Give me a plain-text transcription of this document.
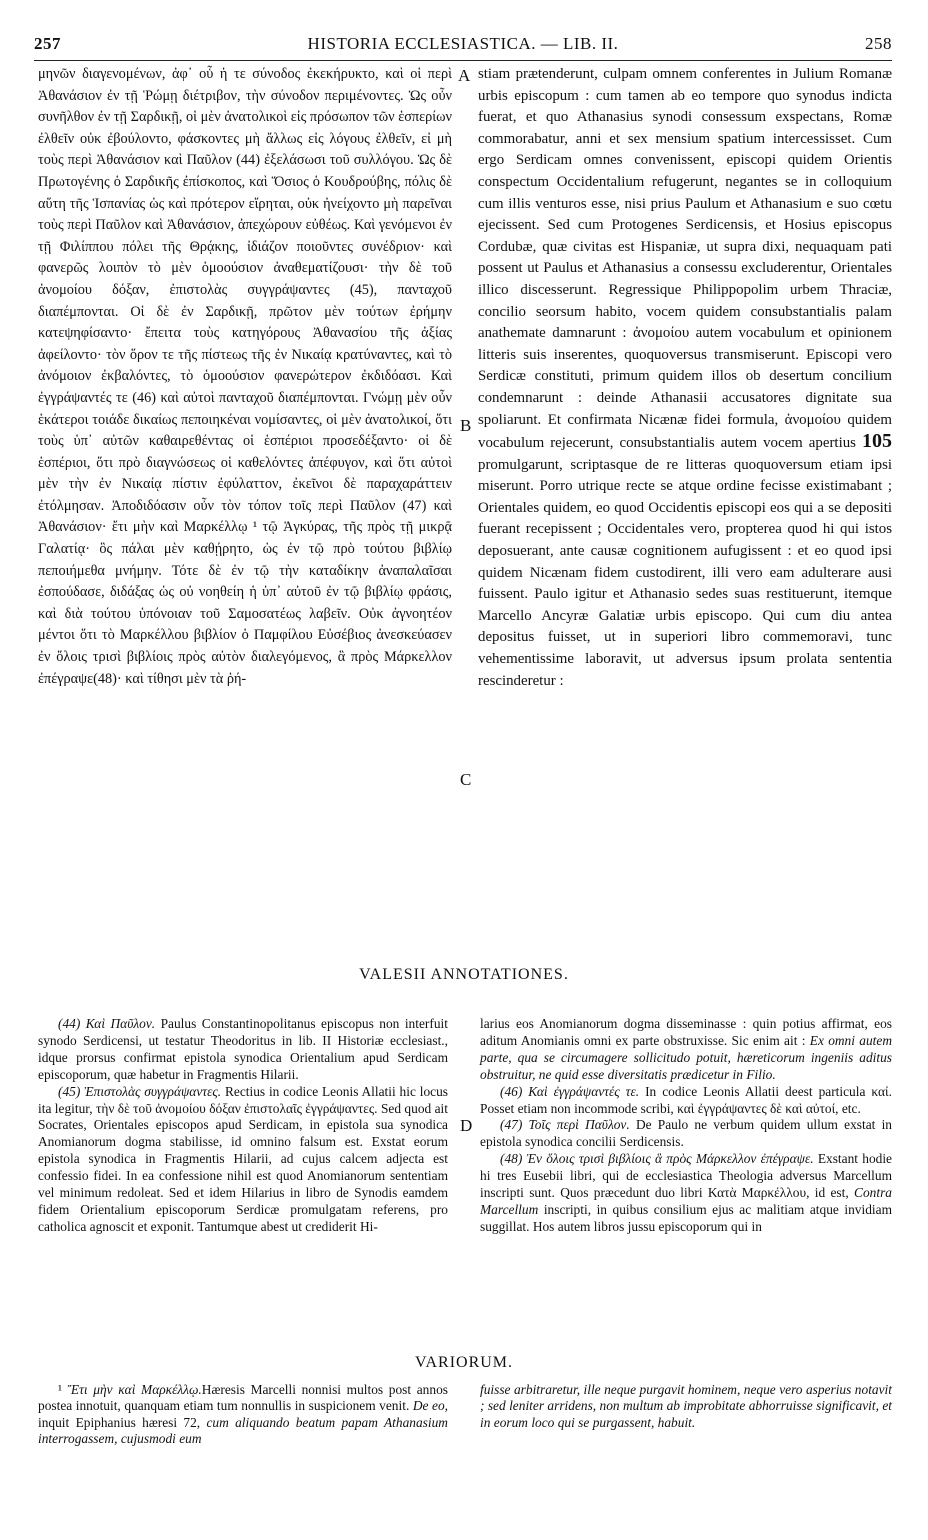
257	HISTORIA ECCLESIASTICA. — LIB. II.	258

μηνῶν διαγενομένων, ἀφ᾽ οὗ ἡ τε σύνοδος ἐκεκήρυκτο, καὶ οἱ περὶ Ἀθανάσιον ἐν τῇ Ῥώμῃ διέτριβον, τὴν σύνοδον περιμένοντες. Ὡς οὖν συνῆλθον ἐν τῇ Σαρδικῇ, οἱ μὲν ἀνατολικοὶ εἰς πρόσωπον τῶν ἑσπερίων ἐλθεῖν οὐκ ἐβούλοντο, φάσκοντες μὴ ἄλλως εἰς λόγους ἐλθεῖν, εἰ μὴ τοὺς περὶ Ἀθανάσιον καὶ Παῦλον (44) ἐξελάσωσι τοῦ συλλόγου. Ὡς δὲ Πρωτογένης ὁ Σαρδικῆς ἐπίσκοπος, καὶ Ὅσιος ὁ Κουδρούβης, πόλις δὲ αὕτη τῆς Ἱσπανίας ὡς καὶ πρότερον εἴρηται, οὐκ ἠνείχοντο μὴ παρεῖναι τοὺς περὶ Παῦλον καὶ Ἀθανάσιον, ἀπεχώρουν εὐθέως. Καὶ γενόμενοι ἐν τῇ Φιλίππου πόλει τῆς Θρᾴκης, ἰδιάζον ποιοῦντες συνέδριον· καὶ φανερῶς λοιπὸν τὸ μὲν ὁμοούσιον ἀναθεματίζουσι· τὴν δὲ τοῦ ἀνομοίου δόξαν, ἐπιστολὰς συγγράψαντες (45), πανταχοῦ διαπέμπονται. Οἱ δὲ ἐν Σαρδικῇ, πρῶτον μὲν τούτων ἐρήμην κατεψηφίσαντο· ἔπειτα τοὺς κατηγόρους Ἀθανασίου τῆς ἀξίας ἀφείλοντο· τὸν ὅρον τε τῆς πίστεως τῆς ἐν Νικαίᾳ κρατύναντες, καὶ τὸ ἀνόμοιον ἐκβαλόντες, τὸ ὁμοούσιον φανερώτερον ἐκδιδόασι. Καὶ ἐγγράψαντές τε (46) καὶ αὐτοὶ πανταχοῦ διαπέμπονται. Γνώμῃ μὲν οὖν ἑκάτεροι τοιάδε δικαίως πεποιηκέναι νομίσαντες, οἱ μὲν ἀνατολικοί, ὅτι τοὺς ὑπ᾽ αὐτῶν καθαιρεθέντας οἱ ἑσπέριοι προσεδέξαντο· οἱ δὲ ἑσπέριοι, ὅτι πρὸ διαγνώσεως οἱ καθελόντες ἀπέφυγον, καὶ ὅτι αὐτοὶ μὲν τὴν ἐν Νικαίᾳ πίστιν ἐφύλαττον, ἐκεῖνοι δὲ παραχαράττειν ἐτόλμησαν. Ἀποδιδόασιν οὖν τὸν τόπον τοῖς περὶ Παῦλον (47) καὶ Ἀθανάσιον· ἔτι μὴν καὶ Μαρκέλλῳ ¹ τῷ Ἀγκύρας, τῆς πρὸς τῇ μικρᾷ Γαλατίᾳ· ὃς πάλαι μὲν καθῄρητο, ὡς ἐν τῷ πρὸ τούτου βιβλίῳ πεποιήμεθα μνήμην. Τότε δὲ ἐν τῷ τὴν καταδίκην ἀναπαλαῖσαι ἐσπούδασε, διδάξας ὡς οὐ νοηθείη ἡ ὑπ᾽ αὐτοῦ ἐν τῷ βιβλίῳ φράσις, καὶ διὰ τούτου ὑπόνοιαν τοῦ Σαμοσατέως λαβεῖν. Οὐκ ἀγνοητέον μέντοι ὅτι τὸ Μαρκέλλου βιβλίον ὁ Παμφίλου Εὐσέβιος ἀνεσκεύασεν ἐν ὅλοις τρισὶ βιβλίοις πρὸς αὐτὸν διαλεγόμενος, ἃ πρὸς Μάρκελλον ἐπέγραψε(48)· καὶ τίθησι μὲν τὰ ῥή-

stiam prætenderunt, culpam omnem conferentes in Julium Romanæ urbis episcopum : cum tamen ab eo tempore quo synodus indicta fuerat, et quo Athanasius synodi consessum exspectans, Romæ commorabatur, anni et sex mensium spatium intercessisset. Cum ergo Serdicam omnes convenissent, episcopi quidem Orientis conspectum Occidentalium refugerunt, negantes se in colloquium cum illis venturos esse, nisi prius Paulum et Athanasium e suo cœtu ejecissent. Sed cum Protogenes Serdicensis, et Hosius episcopus Cordubæ, quæ civitas est Hispaniæ, ut supra dixi, nequaquam pati possent ut Paulus et Athanasius a consessu excluderentur, Orientales illico discesserunt. Regressique Philippopolim urbem Thraciæ, concilio seorsum habito, vocem quidem consubstantialis palam anathemate damnarunt : ἀνομοίου autem vocabulum et opinionem litteris suis inserentes, quoquoversus transmiserunt. Episcopi vero Serdicæ constituti, primum quidem illos ob desertum concilium condemnarunt : deinde Athanasii accusatores dignitate sua spoliarunt. Et confirmata Nicænæ fidei formula, ἀνομοίου quidem vocabulum rejecerunt, consubstantialis autem vocem apertius 105 promulgarunt, scriptasque de re litteras quoquoversum etiam ipsi miserunt. Porro utrique recte se atque ordine fecisse existimabant ; Orientales quidem, eo quod Occidentis episcopi eos qui a se depositi fuerant recepissent ; Occidentales vero, propterea quod hi qui istos deposuerant, ante causæ cognitionem aufugissent : et eo quod ipsi quidem Nicænam fidem custodirent, illi vero eam adulterare ausi fuissent. Paulo igitur et Athanasio sedes suas restituerunt, itemque Marcello Ancyræ Galatiæ urbis episcopo. Qui cum diu antea depositus fuisset, ut in superiori libro commemoravi, tunc vehementissime laboravit, ut adversus ipsum prolata sententia rescinderetur :

A
B
C
D
VALESII ANNOTATIONES.

(44) Καὶ Παῦλον. Paulus Constantinopolitanus episcopus non interfuit synodo Serdicensi, ut testatur Theodoritus in lib. II Historiæ ecclesiast., idque prorsus confirmat epistola synodica Orientalium apud Serdicam episcoporum, quæ habetur in Fragmentis Hilarii.

(45) Ἐπιστολὰς συγγράψαντες. Rectius in codice Leonis Allatii hic locus ita legitur, τὴν δὲ τοῦ ἀνομοίου δόξαν ἐπιστολαῖς ἐγγράψαντες. Sed quod ait Socrates, Orientales episcopos apud Serdicam, in epistola sua synodica Anomianorum dogma stabilisse, id omnino falsum est. Exstat eorum epistola synodica in Fragmentis Hilarii, ad cujus calcem adjecta est confessio fidei. In ea confessione nihil est quod Anomianorum sententiam vel minimum redoleat. Sed et idem Hilarius in libro de Synodis eamdem fidem Orientalium episcoporum Serdicæ promulgatam referens, pro catholica agnoscit et exponit. Tantumque abest ut crediderit Hi-

larius eos Anomianorum dogma disseminasse : quin potius affirmat, eos aditum Anomianis omni ex parte obstruxisse. Sic enim ait : Ex omni autem parte, qua se circumagere sollicitudo potuit, hæreticorum ingeniis aditus obstruitur, ne quid esse diversitatis prædicetur in Filio.

(46) Καὶ ἐγγράψαντές τε. In codice Leonis Allatii deest particula καί. Posset etiam non incommode scribi, καὶ ἐγγράψαντες δὲ καὶ αὐτοί, etc.

(47) Τοῖς περὶ Παῦλον. De Paulo ne verbum quidem ullum exstat in epistola synodica concilii Serdicensis.

(48) Ἐν ὅλοις τρισὶ βιβλίοις ἃ πρὸς Μάρκελλον ἐπέγραψε. Exstant hodie hi tres Eusebii libri, qui de ecclesiastica Theologia adversus Marcellum inscripti sunt. Quos præcedunt duo libri Κατὰ Μαρκέλλου, id est, Contra Marcellum inscripti, in quibus consilium ejus ac malitiam atque invidiam suggillat. Hos autem libros jussu episcoporum qui in

VARIORUM.

¹ Ἔτι μὴν καὶ Μαρκέλλῳ.Hæresis Marcelli nonnisi multos post annos postea innotuit, quanquam etiam tum nonnullis in suspicionem venit. De eo, inquit Epiphanius hæresi 72, cum aliquando beatum papam Athanasium interrogassem, cujusmodi eum

fuisse arbitraretur, ille neque purgavit hominem, neque vero asperius notavit ; sed leniter arridens, non multum ab improbitate abhorruisse significavit, et in eorum loco qui se purgassent, habuit.
